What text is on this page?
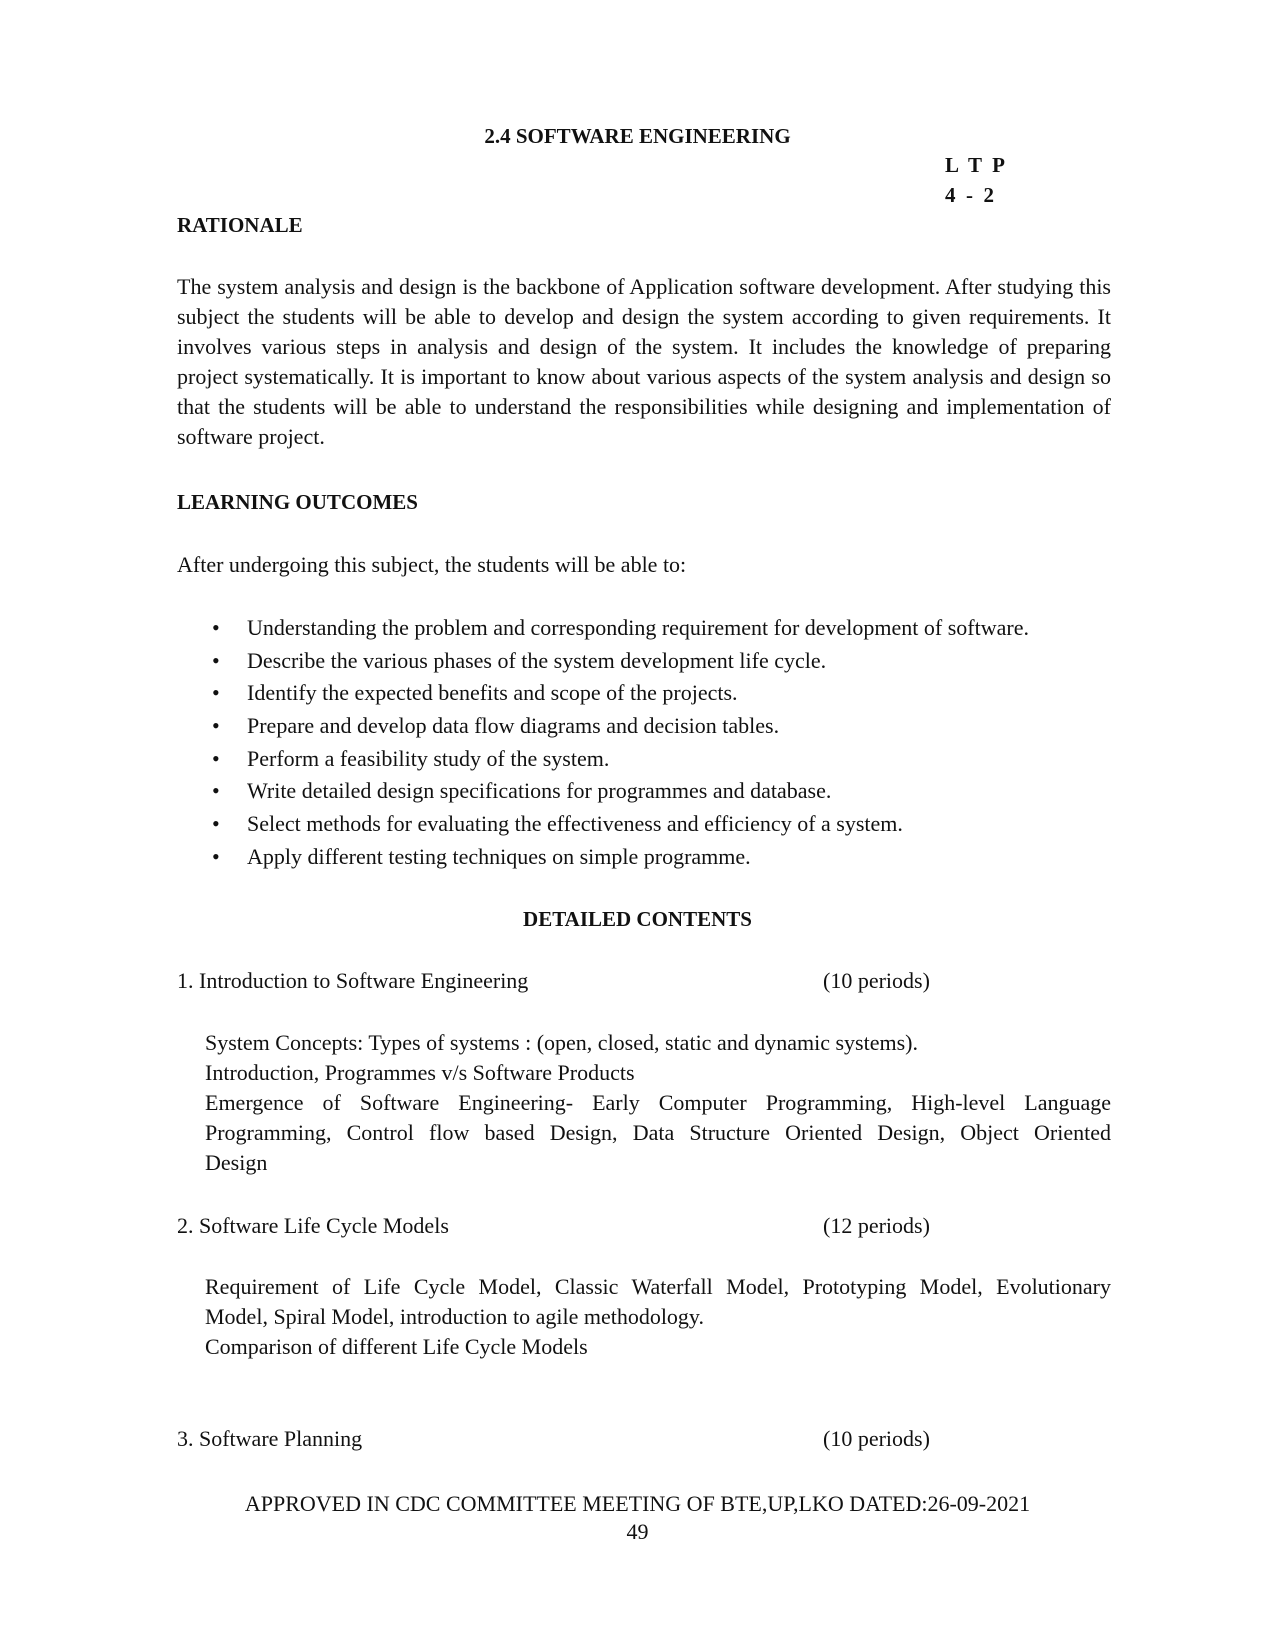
2.4 SOFTWARE ENGINEERING
L  T  P
4  -  2
RATIONALE
The system analysis and design is the backbone of Application software development. After studying this subject the students will be able to develop and design the system according to given requirements. It involves various steps in analysis and design of the system. It includes the knowledge of preparing project systematically. It is important to know about various aspects of the system analysis and design so that the students will be able to understand the responsibilities while designing and implementation of software project.
LEARNING OUTCOMES
After undergoing this subject, the students will be able to:
• Understanding the problem and corresponding requirement for development of software.
• Describe the various phases of the system development life cycle.
• Identify the expected benefits and scope of the projects.
• Prepare and develop data flow diagrams and decision tables.
• Perform a feasibility study of the system.
• Write detailed design specifications for programmes and database.
• Select methods for evaluating the effectiveness and efficiency of a system.
• Apply different testing techniques on simple programme.
DETAILED CONTENTS
1. Introduction to Software Engineering	(10 periods)
System Concepts: Types of systems : (open, closed, static and dynamic systems).
Introduction, Programmes v/s Software Products
Emergence of Software Engineering- Early Computer Programming, High-level Language
Programming, Control flow based Design, Data Structure Oriented Design, Object Oriented
Design
2. Software Life Cycle Models	(12 periods)
Requirement of Life Cycle Model, Classic Waterfall Model, Prototyping Model, Evolutionary
Model, Spiral Model, introduction to agile methodology.
Comparison of different Life Cycle Models
3. Software Planning	(10 periods)
APPROVED IN CDC COMMITTEE MEETING OF BTE,UP,LKO DATED:26-09-2021
49
